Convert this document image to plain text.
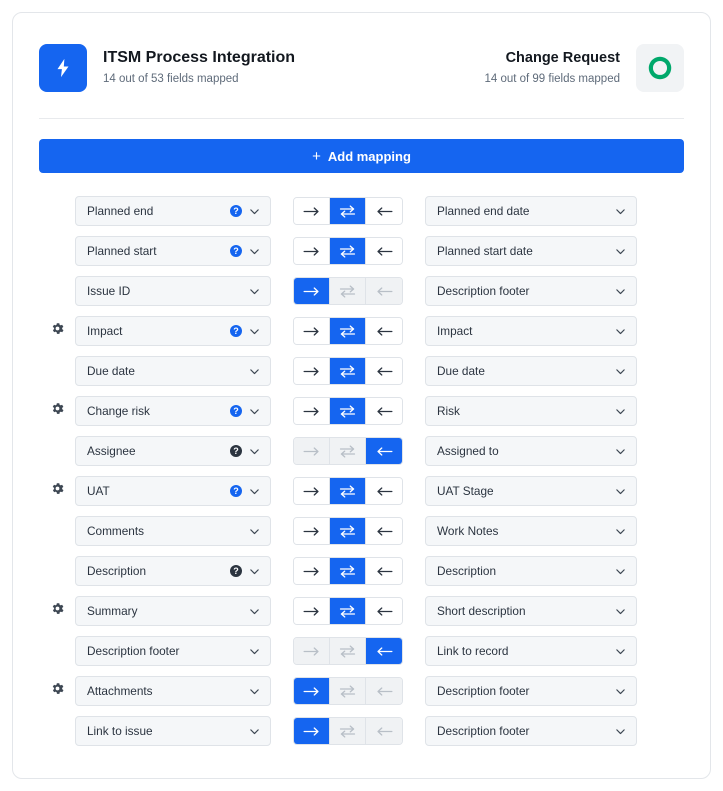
ITSM Process Integration
14 out of 53 fields mapped
Change Request
14 out of 99 fields mapped
+ Add mapping
Planned end	?	Planned end date
Planned start	?	Planned start date
Issue ID	Description footer
Impact	?	Impact
Due date	Due date
Change risk	?	Risk
Assignee	?	Assigned to
UAT	?	UAT Stage
Comments	Work Notes
Description	?	Description
Summary	Short description
Description footer	Link to record
Attachments	Description footer
Link to issue	Description footer
